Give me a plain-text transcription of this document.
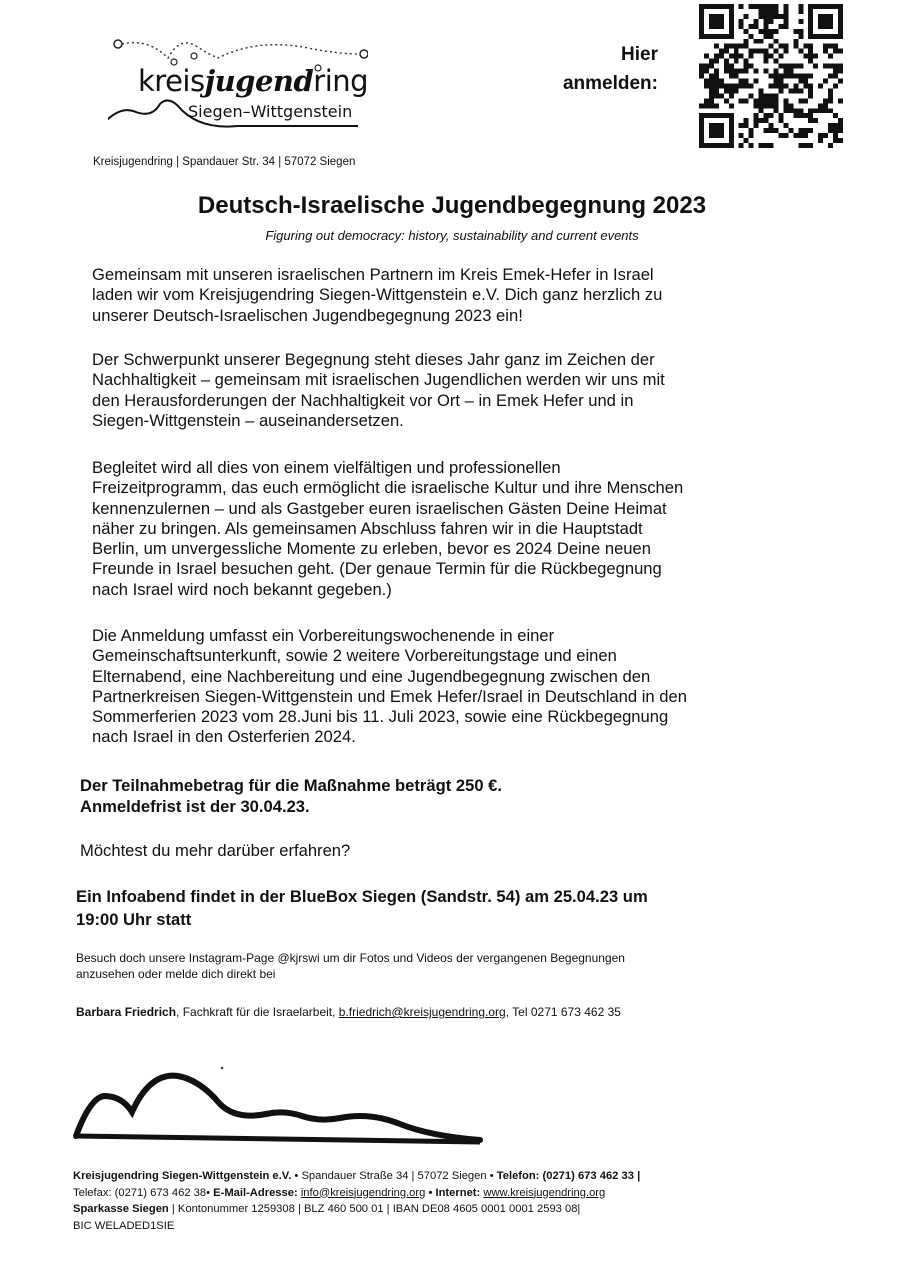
kreisjugendring
Siegen–Wittgenstein
Kreisjugendring | Spandauer Str. 34 | 57072 Siegen
Hier
anmelden:
Deutsch-Israelische Jugendbegegnung 2023
Figuring out democracy: history, sustainability and current events
Gemeinsam mit unseren israelischen Partnern im Kreis Emek-Hefer in Israel
laden wir vom Kreisjugendring Siegen-Wittgenstein e.V. Dich ganz herzlich zu
unserer Deutsch-Israelischen Jugendbegegnung 2023 ein!
Der Schwerpunkt unserer Begegnung steht dieses Jahr ganz im Zeichen der
Nachhaltigkeit – gemeinsam mit israelischen Jugendlichen werden wir uns mit
den Herausforderungen der Nachhaltigkeit vor Ort – in Emek Hefer und in
Siegen-Wittgenstein – auseinandersetzen.
Begleitet wird all dies von einem vielfältigen und professionellen
Freizeitprogramm, das euch ermöglicht die israelische Kultur und ihre Menschen
kennenzulernen – und als Gastgeber euren israelischen Gästen Deine Heimat
näher zu bringen. Als gemeinsamen Abschluss fahren wir in die Hauptstadt
Berlin, um unvergessliche Momente zu erleben, bevor es 2024 Deine neuen
Freunde in Israel besuchen geht. (Der genaue Termin für die Rückbegegnung
nach Israel wird noch bekannt gegeben.)
Die Anmeldung umfasst ein Vorbereitungswochenende in einer
Gemeinschaftsunterkunft, sowie 2 weitere Vorbereitungstage und einen
Elternabend, eine Nachbereitung und eine Jugendbegegnung zwischen den
Partnerkreisen Siegen-Wittgenstein und Emek Hefer/Israel in Deutschland in den
Sommerferien 2023 vom 28.Juni bis 11. Juli 2023, sowie eine Rückbegegnung
nach Israel in den Osterferien 2024.
Der Teilnahmebetrag für die Maßnahme beträgt 250 €.
Anmeldefrist ist der 30.04.23.
Möchtest du mehr darüber erfahren?
Ein Infoabend findet in der BlueBox Siegen (Sandstr. 54) am 25.04.23 um
19:00 Uhr statt
Besuch doch unsere Instagram-Page @kjrswi um dir Fotos und Videos der vergangenen Begegnungen
anzusehen oder melde dich direkt bei
Barbara Friedrich, Fachkraft für die Israelarbeit, b.friedrich@kreisjugendring.org, Tel 0271 673 462 35
Kreisjugendring Siegen-Wittgenstein e.V. • Spandauer Straße 34 | 57072 Siegen • Telefon: (0271) 673 462 33 |
Telefax: (0271) 673 462 38• E-Mail-Adresse: info@kreisjugendring.org • Internet: www.kreisjugendring.org
Sparkasse Siegen | Kontonummer 1259308 | BLZ 460 500 01 | IBAN DE08 4605 0001 0001 2593 08|
BIC WELADED1SIE
